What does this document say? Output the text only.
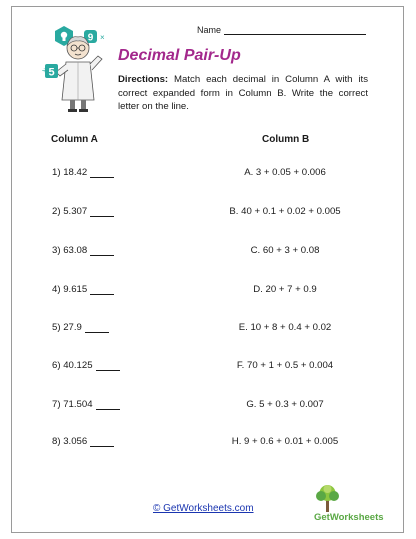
Name
9 ×
5
÷
Decimal Pair-Up
Directions: Match each decimal in Column A with its correct expanded form in Column B. Write the correct letter on the line.
Column A	Column B
1) 18.42
2) 5.307
3) 63.08
4) 9.615
5) 27.9
6) 40.125
7) 71.504
8) 3.056
A. 3 + 0.05 + 0.006
B. 40 + 0.1 + 0.02 + 0.005
C. 60 + 3 + 0.08
D. 20 + 7 + 0.9
E. 10 + 8 + 0.4 + 0.02
F. 70 + 1 + 0.5 + 0.004
G. 5 + 0.3 + 0.007
H. 9 + 0.6 + 0.01 + 0.005
© GetWorksheets.com
GetWorksheets
